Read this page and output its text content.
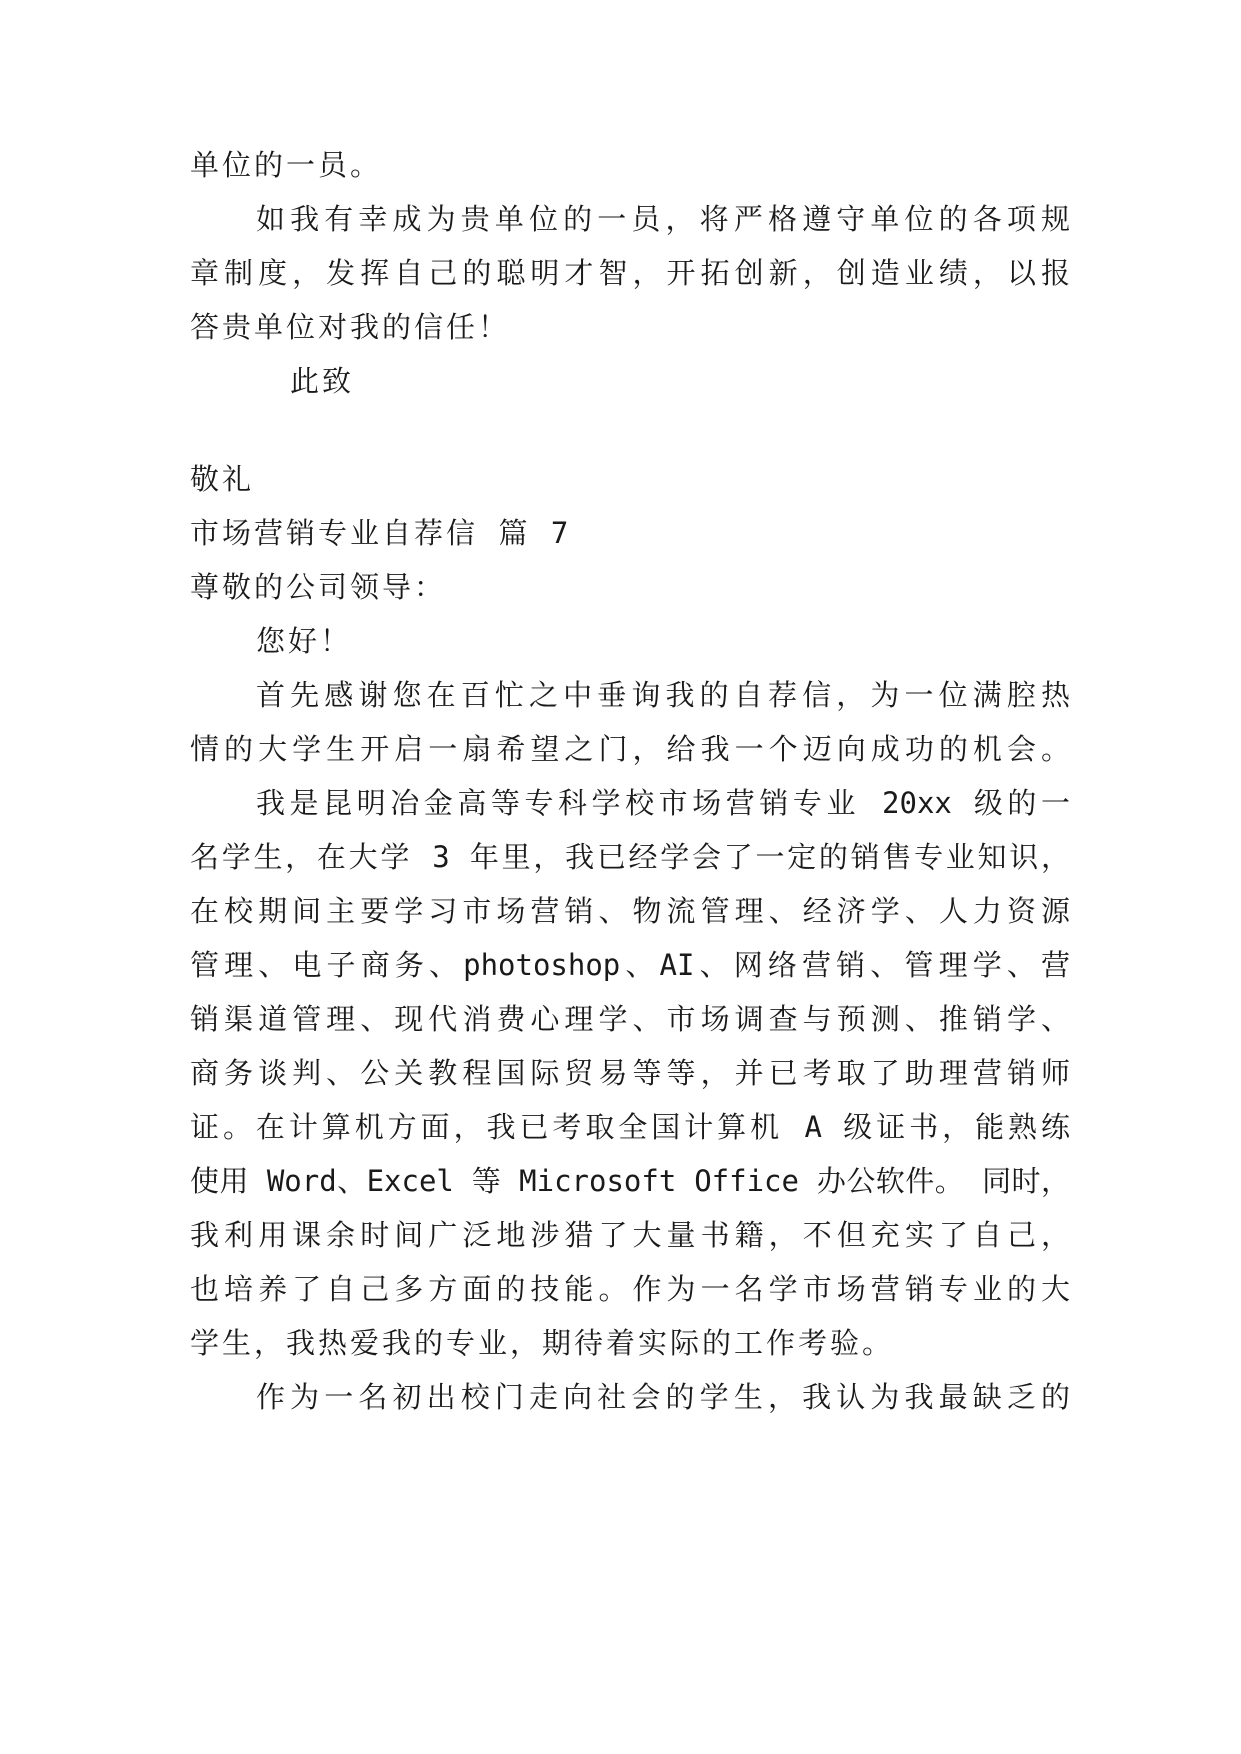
单位的一员。
如我有幸成为贵单位的一员，将严格遵守单位的各项规
章制度，发挥自己的聪明才智，开拓创新，创造业绩，以报
答贵单位对我的信任！
此致
敬礼
市场营销专业自荐信 篇 7
尊敬的公司领导：
您好！
首先感谢您在百忙之中垂询我的自荐信，为一位满腔热
情的大学生开启一扇希望之门，给我一个迈向成功的机会。
我是昆明冶金高等专科学校市场营销专业 20xx 级的一
名学生，在大学 3 年里，我已经学会了一定的销售专业知识，
在校期间主要学习市场营销、物流管理、经济学、人力资源
管理、电子商务、photoshop、AI、网络营销、管理学、营
销渠道管理、现代消费心理学、市场调查与预测、推销学、
商务谈判、公关教程国际贸易等等，并已考取了助理营销师
证。在计算机方面，我已考取全国计算机 A 级证书，能熟练
使用 Word、Excel 等 Microsoft Office 办公软件。 同时，
我利用课余时间广泛地涉猎了大量书籍，不但充实了自己，
也培养了自己多方面的技能。作为一名学市场营销专业的大
学生，我热爱我的专业，期待着实际的工作考验。
作为一名初出校门走向社会的学生，我认为我最缺乏的
